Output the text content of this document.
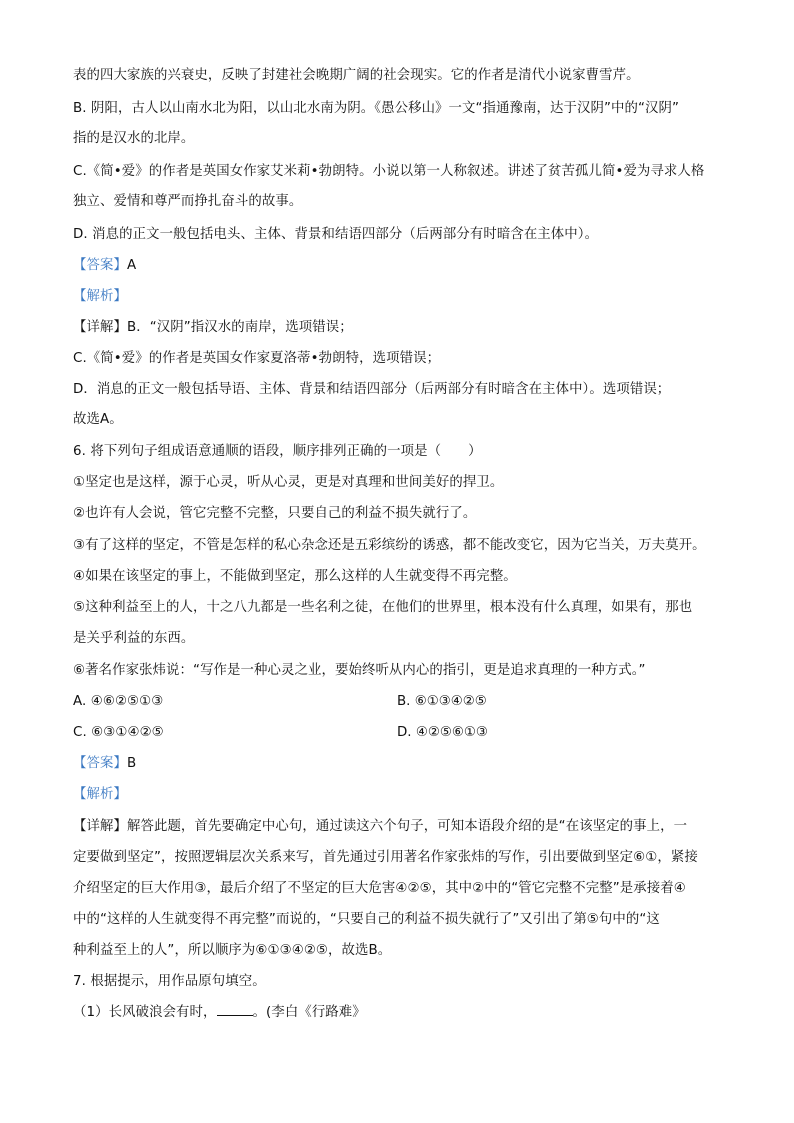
表的四大家族的兴衰史，反映了封建社会晚期广阔的社会现实。它的作者是清代小说家曹雪芹。
B. 阴阳，古人以山南水北为阳，以山北水南为阴。《愚公移山》一文“指通豫南，达于汉阴”中的“汉阴”
指的是汉水的北岸。
C.《简•爱》的作者是英国女作家艾米莉•勃朗特。小说以第一人称叙述。讲述了贫苦孤儿简•爱为寻求人格
独立、爱情和尊严而挣扎奋斗的故事。
D. 消息的正文一般包括电头、主体、背景和结语四部分（后两部分有时暗含在主体中）。
【答案】A
【解析】
【详解】B．“汉阴”指汉水的南岸，选项错误；
C.《简•爱》的作者是英国女作家夏洛蒂•勃朗特，选项错误；
D．消息的正文一般包括导语、主体、背景和结语四部分（后两部分有时暗含在主体中）。选项错误；
故选A。
6. 将下列句子组成语意通顺的语段，顺序排列正确的一项是（　　）
①坚定也是这样，源于心灵，听从心灵，更是对真理和世间美好的捍卫。
②也许有人会说，管它完整不完整，只要自己的利益不损失就行了。
③有了这样的坚定，不管是怎样的私心杂念还是五彩缤纷的诱惑，都不能改变它，因为它当关，万夫莫开。
④如果在该坚定的事上，不能做到坚定，那么这样的人生就变得不再完整。
⑤这种利益至上的人，十之八九都是一些名利之徒，在他们的世界里，根本没有什么真理，如果有，那也
是关乎利益的东西。
⑥著名作家张炜说：“写作是一种心灵之业，要始终听从内心的指引，更是追求真理的一种方式。”
A. ④⑥②⑤①③	B. ⑥①③④②⑤
C. ⑥③①④②⑤	D. ④②⑤⑥①③
【答案】B
【解析】
【详解】解答此题，首先要确定中心句，通过读这六个句子，可知本语段介绍的是“在该坚定的事上，一
定要做到坚定”，按照逻辑层次关系来写，首先通过引用著名作家张炜的写作，引出要做到坚定⑥①，紧接
介绍坚定的巨大作用③，最后介绍了不坚定的巨大危害④②⑤，其中②中的“管它完整不完整”是承接着④
中的“这样的人生就变得不再完整”而说的，“只要自己的利益不损失就行了”又引出了第⑤句中的“这
种利益至上的人”，所以顺序为⑥①③④②⑤，故选B。
7. 根据提示，用作品原句填空。
（1）长风破浪会有时，	。(李白《行路难》
